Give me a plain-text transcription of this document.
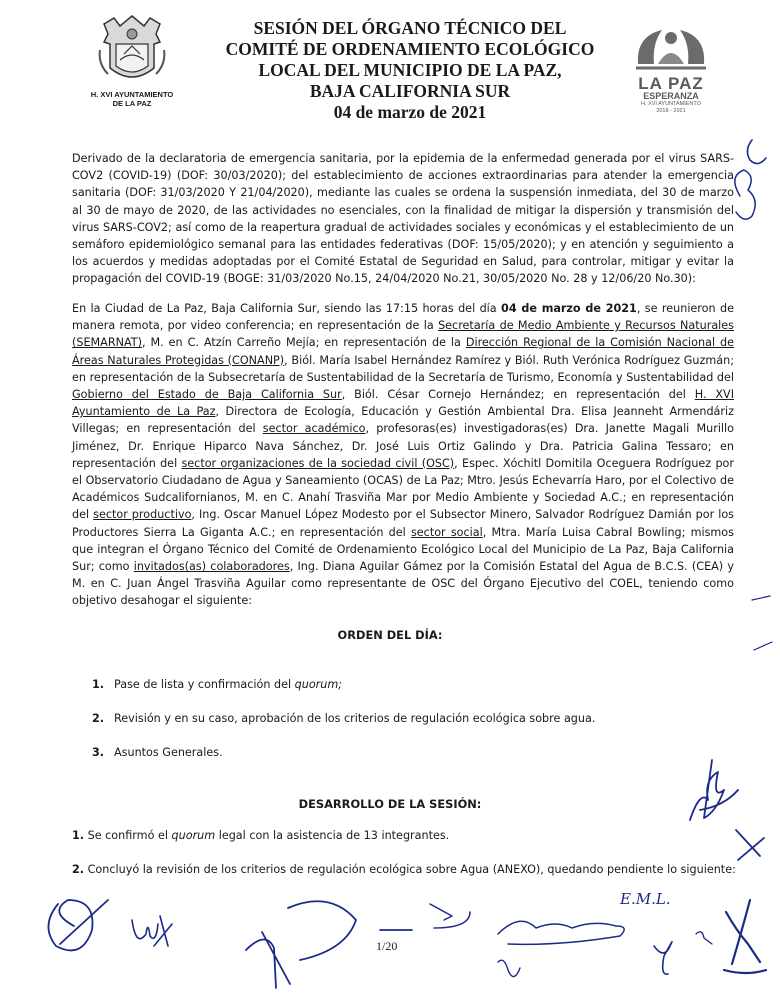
H. XVI AYUNTAMIENTO
DE LA PAZ
SESIÓN DEL ÓRGANO TÉCNICO DEL
COMITÉ DE ORDENAMIENTO ECOLÓGICO
LOCAL DEL MUNICIPIO DE LA PAZ,
BAJA CALIFORNIA SUR
04 de marzo de 2021
LA PAZ
ESPERANZA
H. XVI AYUNTAMIENTO
2018 - 2021
Derivado de la declaratoria de emergencia sanitaria, por la epidemia de la enfermedad generada por el virus SARS-COV2 (COVID-19) (DOF: 30/03/2020); del establecimiento de acciones extraordinarias para atender la emergencia sanitaria (DOF: 31/03/2020 Y 21/04/2020), mediante las cuales se ordena la suspensión inmediata, del 30 de marzo al 30 de mayo de 2020, de las actividades no esenciales, con la finalidad de mitigar la dispersión y transmisión del virus SARS-COV2; así como de la reapertura gradual de actividades sociales y económicas y el establecimiento de un semáforo epidemiológico semanal para las entidades federativas (DOF: 15/05/2020); y en atención y seguimiento a los acuerdos y medidas adoptadas por el Comité Estatal de Seguridad en Salud, para controlar, mitigar y evitar la propagación del COVID-19 (BOGE: 31/03/2020 No.15, 24/04/2020 No.21, 30/05/2020 No. 28 y 12/06/20 No.30):
En la Ciudad de La Paz, Baja California Sur, siendo las 17:15 horas del día 04 de marzo de 2021, se reunieron de manera remota, por video conferencia; en representación de la Secretaría de Medio Ambiente y Recursos Naturales (SEMARNAT), M. en C. Atzín Carreño Mejía; en representación de la Dirección Regional de la Comisión Nacional de Áreas Naturales Protegidas (CONANP), Biól. María Isabel Hernández Ramírez y Biól. Ruth Verónica Rodríguez Guzmán; en representación de la Subsecretaría de Sustentabilidad de la Secretaría de Turismo, Economía y Sustentabilidad del Gobierno del Estado de Baja California Sur, Biól. César Cornejo Hernández; en representación del H. XVI Ayuntamiento de La Paz, Directora de Ecología, Educación y Gestión Ambiental Dra. Elisa Jeanneht Armendáriz Villegas; en representación del sector académico, profesoras(es) investigadoras(es) Dra. Janette Magali Murillo Jiménez, Dr. Enrique Hiparco Nava Sánchez, Dr. José Luis Ortiz Galindo y Dra. Patricia Galina Tessaro; en representación del sector organizaciones de la sociedad civil (OSC), Espec. Xóchitl Domitila Oceguera Rodríguez por el Observatorio Ciudadano de Agua y Saneamiento (OCAS) de La Paz; Mtro. Jesús Echevarría Haro, por el Colectivo de Académicos Sudcalifornianos, M. en C. Anahí Trasviña Mar por Medio Ambiente y Sociedad A.C.; en representación del sector productivo, Ing. Oscar Manuel López Modesto por el Subsector Minero, Salvador Rodríguez Damián por los Productores Sierra La Giganta A.C.; en representación del sector social, Mtra. María Luisa Cabral Bowling; mismos que integran el Órgano Técnico del Comité de Ordenamiento Ecológico Local del Municipio de La Paz, Baja California Sur; como invitados(as) colaboradores, Ing. Diana Aguilar Gámez por la Comisión Estatal del Agua de B.C.S. (CEA) y M. en C. Juan Ángel Trasviña Aguilar como representante de OSC del Órgano Ejecutivo del COEL, teniendo como objetivo desahogar el siguiente:
ORDEN DEL DÍA:
1. Pase de lista y confirmación del quorum;
2. Revisión y en su caso, aprobación de los criterios de regulación ecológica sobre agua.
3. Asuntos Generales.
DESARROLLO DE LA SESIÓN:
1. Se confirmó el quorum legal con la asistencia de 13 integrantes.
2. Concluyó la revisión de los criterios de regulación ecológica sobre Agua (ANEXO), quedando pendiente lo siguiente:
1/20
E.M.L.
